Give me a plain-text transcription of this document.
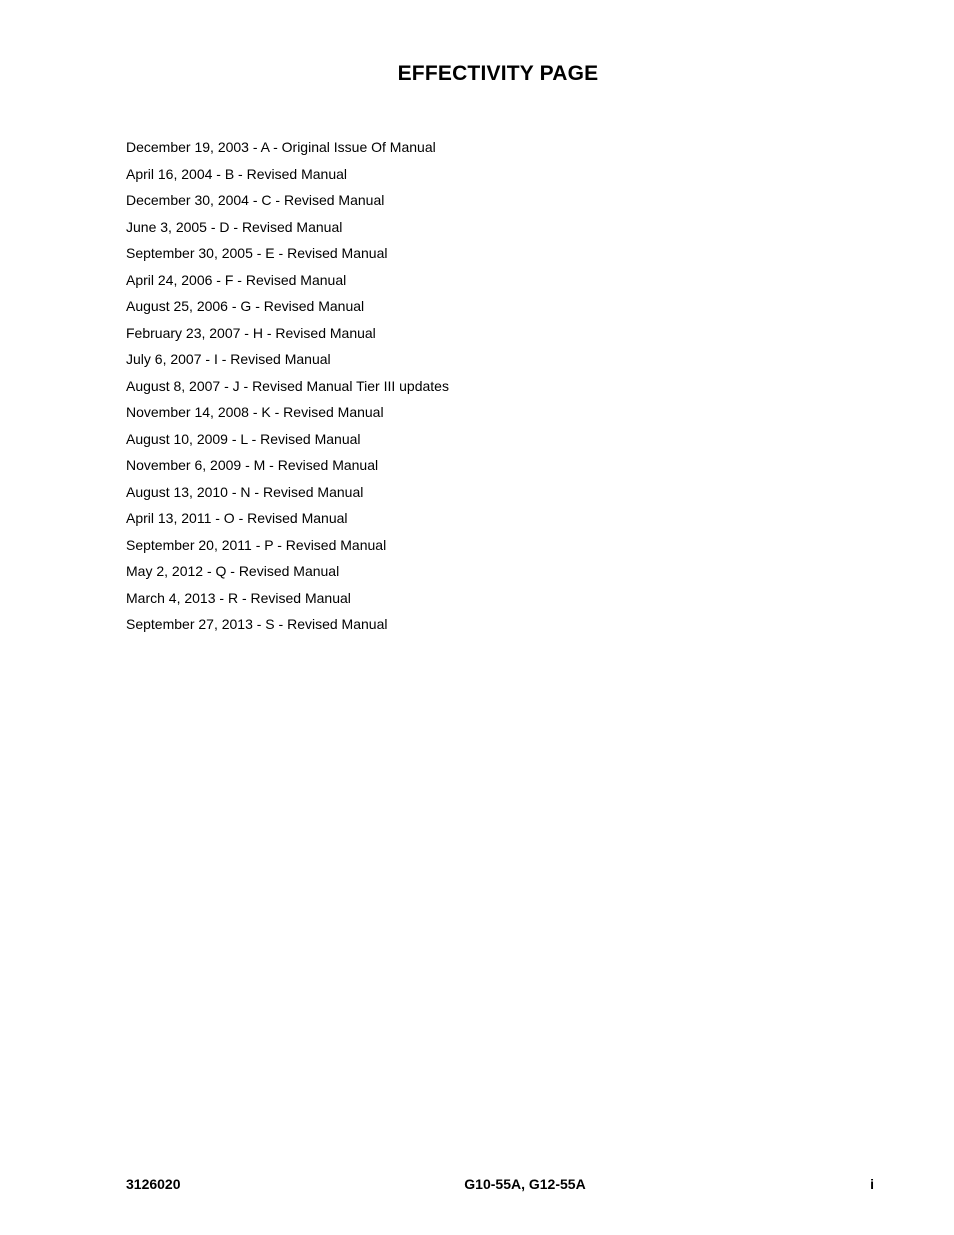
EFFECTIVITY PAGE
December 19, 2003 - A - Original Issue Of Manual
April 16, 2004 - B - Revised Manual
December 30, 2004 - C - Revised Manual
June 3, 2005 - D - Revised Manual
September 30, 2005 - E - Revised Manual
April 24, 2006 - F - Revised Manual
August 25, 2006 - G - Revised Manual
February 23, 2007 - H - Revised Manual
July 6, 2007 - I - Revised Manual
August 8, 2007 - J - Revised Manual Tier III updates
November 14, 2008 - K - Revised Manual
August 10, 2009 - L - Revised Manual
November 6, 2009 - M - Revised Manual
August 13, 2010 - N - Revised Manual
April 13, 2011 - O - Revised Manual
September 20, 2011 - P - Revised Manual
May 2, 2012 - Q - Revised Manual
March 4, 2013 - R - Revised Manual
September 27, 2013 - S - Revised Manual
3126020	G10-55A, G12-55A	i
